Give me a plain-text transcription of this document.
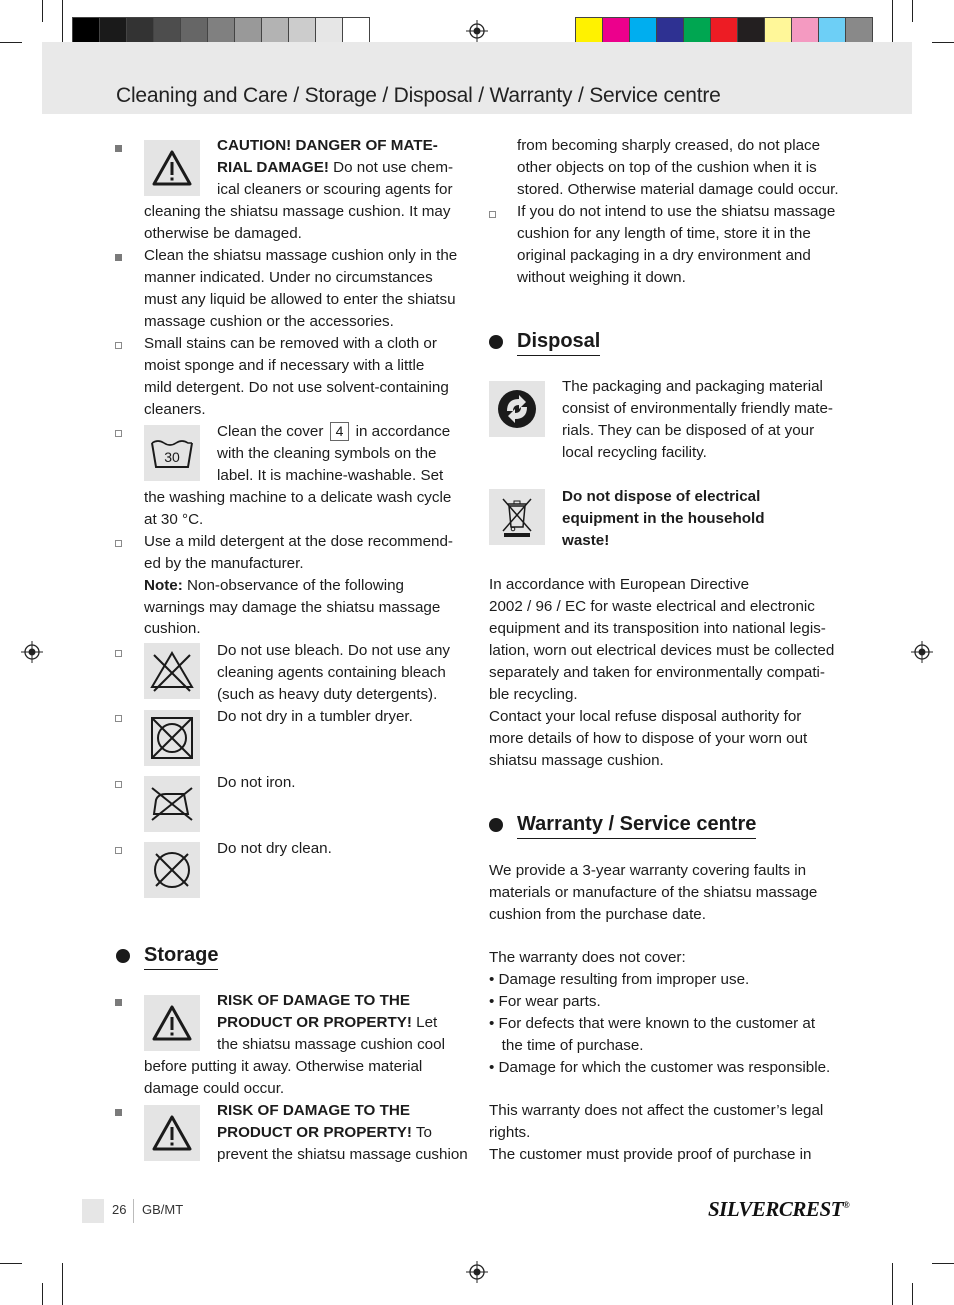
Cleaning and Care / Storage / Disposal / Warranty / Service centre
CAUTION! DANGER OF MATE-
RIAL DAMAGE! Do not use chem-
ical cleaners or scouring agents for
cleaning the shiatsu massage cushion. It may
otherwise be damaged.
Clean the shiatsu massage cushion only in the
manner indicated. Under no circumstances
must any liquid be allowed to enter the shiatsu
massage cushion or the accessories.
Small stains can be removed with a cloth or
moist sponge and if necessary with a little
mild detergent. Do not use solvent-containing
cleaners.
30
Clean the cover 4 in accordance
with the cleaning symbols on the
label. It is machine-washable. Set
the washing machine to a delicate wash cycle
at 30 °C.
Use a mild detergent at the dose recommend-
ed by the manufacturer.
Note: Non-observance of the following
warnings may damage the shiatsu massage
cushion.
Do not use bleach. Do not use any
cleaning agents containing bleach
(such as heavy duty detergents).
Do not dry in a tumbler dryer.
Do not iron.
Do not dry clean.
Storage
RISK OF DAMAGE TO THE
PRODUCT OR PROPERTY! Let
the shiatsu massage cushion cool
before putting it away. Otherwise material
damage could occur.
RISK OF DAMAGE TO THE
PRODUCT OR PROPERTY! To
prevent the shiatsu massage cushion
from becoming sharply creased, do not place
other objects on top of the cushion when it is
stored. Otherwise material damage could occur.
If you do not intend to use the shiatsu massage
cushion for any length of time, store it in the
original packaging in a dry environment and
without weighing it down.
Disposal
The packaging and packaging material
consist of environmentally friendly mate-
rials. They can be disposed of at your
local recycling facility.
Do not dispose of electrical
equipment in the household
waste!
In accordance with European Directive
2002 / 96 / EC for waste electrical and electronic
equipment and its transposition into national legis-
lation, worn out electrical devices must be collected
separately and taken for environmentally compati-
ble recycling.
Contact your local refuse disposal authority for
more details of how to dispose of your worn out
shiatsu massage cushion.
Warranty / Service centre
We provide a 3-year warranty covering faults in
materials or manufacture of the shiatsu massage
cushion from the purchase date.
The warranty does not cover:
• Damage resulting from improper use.
• For wear parts.
• For defects that were known to the customer at
the time of purchase.
• Damage for which the customer was responsible.
This warranty does not affect the customer’s legal
rights.
The customer must provide proof of purchase in
26 GB/MT	SILVERCREST®
